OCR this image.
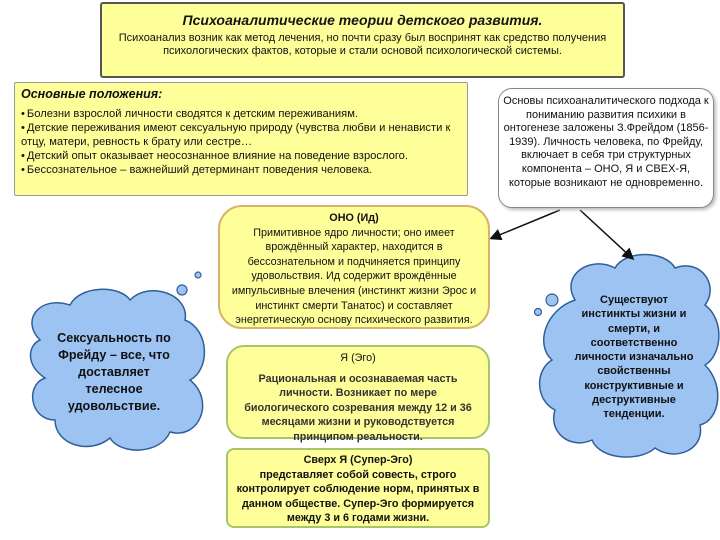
Психоаналитические теории детского развития.
Психоанализ возник как метод лечения, но почти сразу был воспринят как средство получения психологических фактов, которые и стали основой психологической системы.
Основные положения:
• Болезни взрослой личности сводятся к детским переживаниям.
• Детские переживания имеют сексуальную природу (чувства любви и ненависти к отцу, матери, ревность к брату или сестре…
• Детский опыт оказывает неосознанное влияние на поведение взрослого.
• Бессознательное – важнейший детерминант поведения человека.
Основы психоаналитического подхода к пониманию развития психики в онтогенезе заложены З.Фрейдом (1856-1939). Личность человека, по Фрейду, включает в себя три структурных компонента – ОНО, Я и СВЕХ-Я, которые возникают не одновременно.
ОНО (Ид)
Примитивное ядро личности; оно имеет врождённый характер, находится в бессознательном и подчиняется принципу удовольствия. Ид содержит врождённые импульсивные влечения (инстинкт жизни Эрос и инстинкт смерти Танатос) и составляет энергетическую основу психического развития.
Я (Эго)
Рациональная и осознаваемая часть личности. Возникает по мере биологического созревания между 12 и 36 месяцами жизни и руководствуется принципом реальности.
Сверх Я (Супер-Эго)
представляет собой совесть, строго контролирует соблюдение норм, принятых в данном обществе. Супер-Эго формируется между 3 и 6 годами жизни.
Сексуальность по Фрейду – все, что доставляет телесное удовольствие.
Существуют инстинкты жизни и смерти, и соответственно личности изначально свойственны конструктивные и деструктивные тенденции.
